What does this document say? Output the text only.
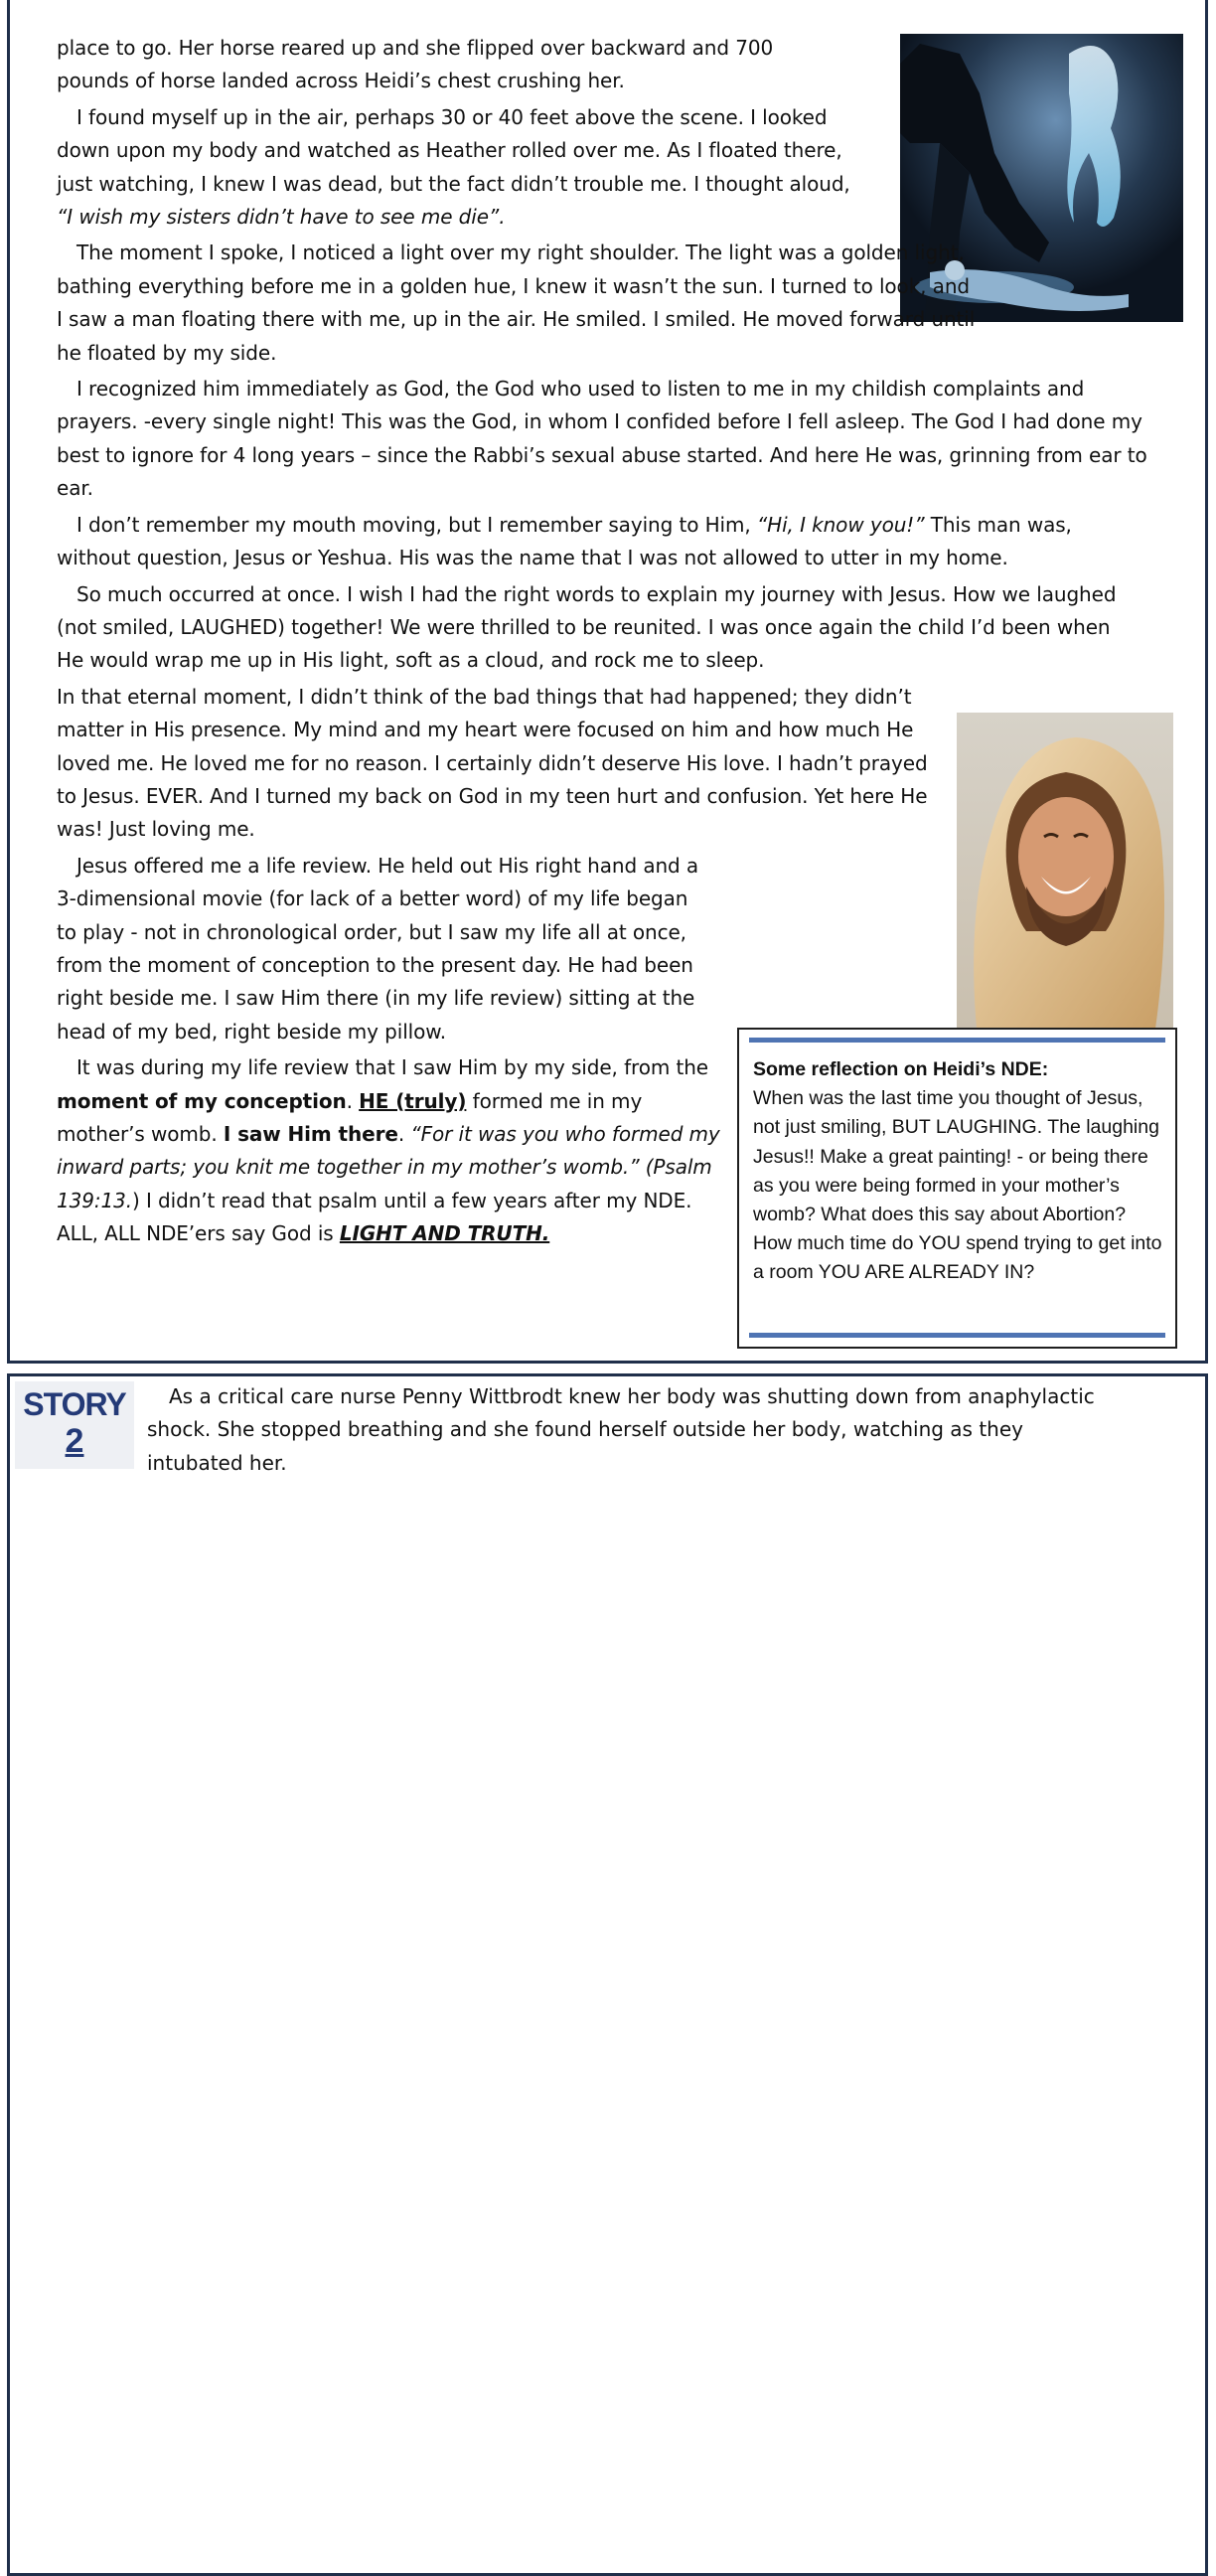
place to go. Her horse reared up and she flipped over backward and 700 pounds of horse landed across Heidi’s chest crushing her.

I found myself up in the air, perhaps 30 or 40 feet above the scene. I looked down upon my body and watched as Heather rolled over me. As I floated there, just watching, I knew I was dead, but the fact didn’t trouble me. I thought aloud, “I wish my sisters didn’t have to see me die”.

The moment I spoke, I noticed a light over my right shoulder. The light was a golden light, bathing everything before me in a golden hue, I knew it wasn’t the sun. I turned to look, and I saw a man floating there with me, up in the air. He smiled. I smiled. He moved forward until he floated by my side.

I recognized him immediately as God, the God who used to listen to me in my childish complaints and prayers. -every single night! This was the God, in whom I confided before I fell asleep. The God I had done my best to ignore for 4 long years – since the Rabbi’s sexual abuse started. And here He was, grinning from ear to ear.

I don’t remember my mouth moving, but I remember saying to Him, “Hi, I know you!” This man was, without question, Jesus or Yeshua. His was the name that I was not allowed to utter in my home.

So much occurred at once. I wish I had the right words to explain my journey with Jesus. How we laughed (not smiled, LAUGHED) together! We were thrilled to be reunited. I was once again the child I’d been when He would wrap me up in His light, soft as a cloud, and rock me to sleep.

In that eternal moment, I didn’t think of the bad things that had happened; they didn’t matter in His presence. My mind and my heart were focused on him and how much He loved me. He loved me for no reason. I certainly didn’t deserve His love. I hadn’t prayed to Jesus. EVER. And I turned my back on God in my teen hurt and confusion. Yet here He was! Just loving me.

Jesus offered me a life review. He held out His right hand and a 3-dimensional movie (for lack of a better word) of my life began to play - not in chronological order, but I saw my life all at once, from the moment of conception to the present day. He had been right beside me. I saw Him there (in my life review) sitting at the head of my bed, right beside my pillow.

It was during my life review that I saw Him by my side, from the moment of my conception. HE (truly) formed me in my mother’s womb. I saw Him there. “For it was you who formed my inward parts; you knit me together in my mother’s womb.” (Psalm 139:13.) I didn’t read that psalm until a few years after my NDE. ALL, ALL NDE’ers say God is LIGHT AND TRUTH.

Some reflection on Heidi’s NDE:

When was the last time you thought of Jesus, not just smiling, BUT LAUGHING. The laughing Jesus!! Make a great painting! - or being there as you were being formed in your mother’s womb? What does this say about Abortion? How much time do YOU spend trying to get into a room YOU ARE ALREADY IN?

STORY
2

As a critical care nurse Penny Wittbrodt knew her body was shutting down from anaphylactic shock. She stopped breathing and she found herself outside her body, watching as they intubated her.
